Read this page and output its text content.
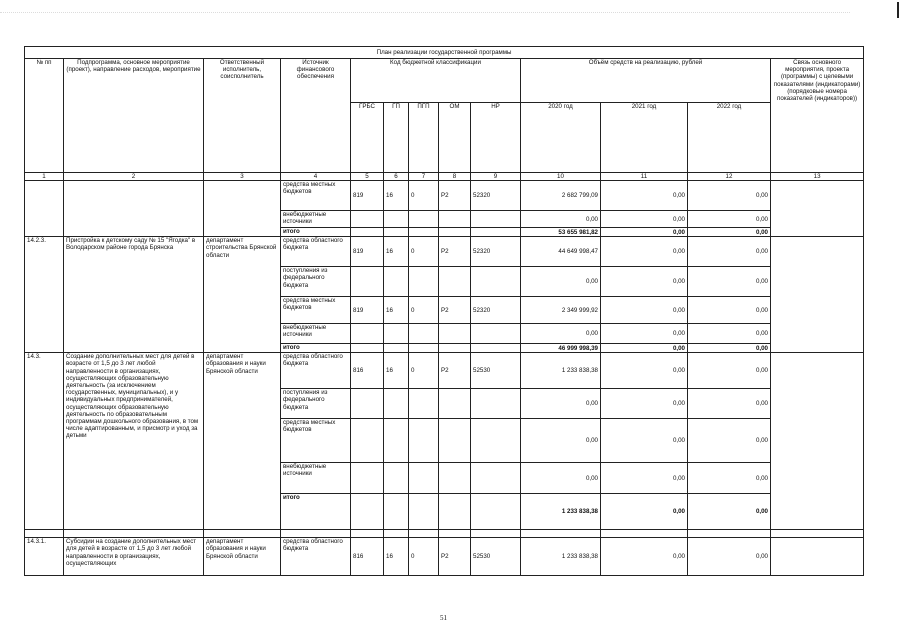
План реализации государственной программы												
№ пп	Подпрограмма, основное мероприятие (проект), направление расходов, мероприятие	Ответственный исполнитель, соисполнитель	Источник финансового обеспечения	Код бюджетной классификации					Объём средств на реализацию, рублей			Связь основного мероприятия, проекта (программы) с целевыми показателями (индикаторами) (порядковые номера показателей (индикаторов))
				ГРБС	ГП	ПГП	ОМ	НР	2020 год	2021 год	2022 год	
1	2	3	4	5	6	7	8	9	10	11	12	13
			средства местных бюджетов	819	16	0	Р2	52320	2 682 799,09	0,00	0,00	
			внебюджетные источники						0,00	0,00	0,00	
			итого						53 655 981,82	0,00	0,00	
14.2.3.	Пристройка к детскому саду № 15 "Ягодка" в Володарском районе города Брянска	департамент строительства Брянской области	средства областного бюджета	819	16	0	Р2	52320	44 649 998,47	0,00	0,00	
			поступления из федерального бюджета						0,00	0,00	0,00	
			средства местных бюджетов	819	16	0	Р2	52320	2 349 999,92	0,00	0,00	
			внебюджетные источники						0,00	0,00	0,00	
			итого						46 999 998,39	0,00	0,00	
14.3.	Создание дополнительных мест для детей в возрасте от 1,5 до 3 лет любой направленности в организациях, осуществляющих образовательную деятельность (за исключением государственных, муниципальных), и у индивидуальных предпринимателей, осуществляющих образовательную деятельность по образовательным программам дошкольного образования, в том числе адаптированным, и присмотр и уход за детьми	департамент образования и науки Брянской области	средства областного бюджета	816	16	0	Р2	52530	1 233 838,38	0,00	0,00	
			поступления из федерального бюджета						0,00	0,00	0,00	
			средства местных бюджетов						0,00	0,00	0,00	
			внебюджетные источники						0,00	0,00	0,00	
			итого						1 233 838,38	0,00	0,00	

14.3.1.	Субсидии на создание дополнительных мест для детей в возрасте от 1,5 до 3 лет любой направленности в организациях, осуществляющих	департамент образования и науки Брянской области	средства областного бюджета	816	16	0	Р2	52530	1 233 838,38	0,00	0,00	
51
